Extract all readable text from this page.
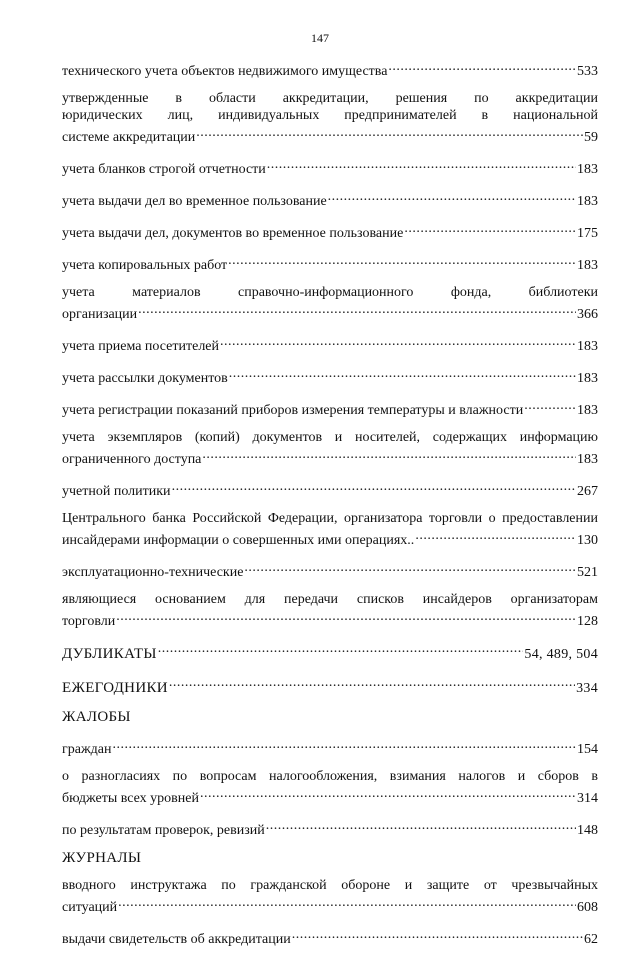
147
технического учета объектов недвижимого имущества .....	533
утвержденные в области аккредитации, решения по аккредитации
юридических лиц, индивидуальных предпринимателей в национальной
системе аккредитации .....	59
учета бланков строгой отчетности .....	183
учета выдачи дел во временное пользование .....	183
учета выдачи дел, документов во временное пользование .....	175
учета копировальных работ .....	183
учета материалов справочно-информационного фонда, библиотеки
организации .....	366
учета приема посетителей .....	183
учета рассылки документов .....	183
учета регистрации показаний приборов измерения температуры и влажности .....	183
учета экземпляров (копий) документов и носителей, содержащих информацию
ограниченного доступа .....	183
учетной политики .....	267
Центрального банка Российской Федерации, организатора торговли о предоставлении
инсайдерами информации о совершенных ими операциях.. .....	130
эксплуатационно-технические .....	521
являющиеся основанием для передачи списков инсайдеров организаторам
торговли .....	128
ДУБЛИКАТЫ .....	54, 489, 504
ЕЖЕГОДНИКИ .....	334
ЖАЛОБЫ
граждан .....	154
о разногласиях по вопросам налогообложения, взимания налогов и сборов в
бюджеты всех уровней .....	314
по результатам проверок, ревизий .....	148
ЖУРНАЛЫ
вводного инструктажа по гражданской обороне и защите от чрезвычайных
ситуаций .....	608
выдачи свидетельств об аккредитации .....	62
